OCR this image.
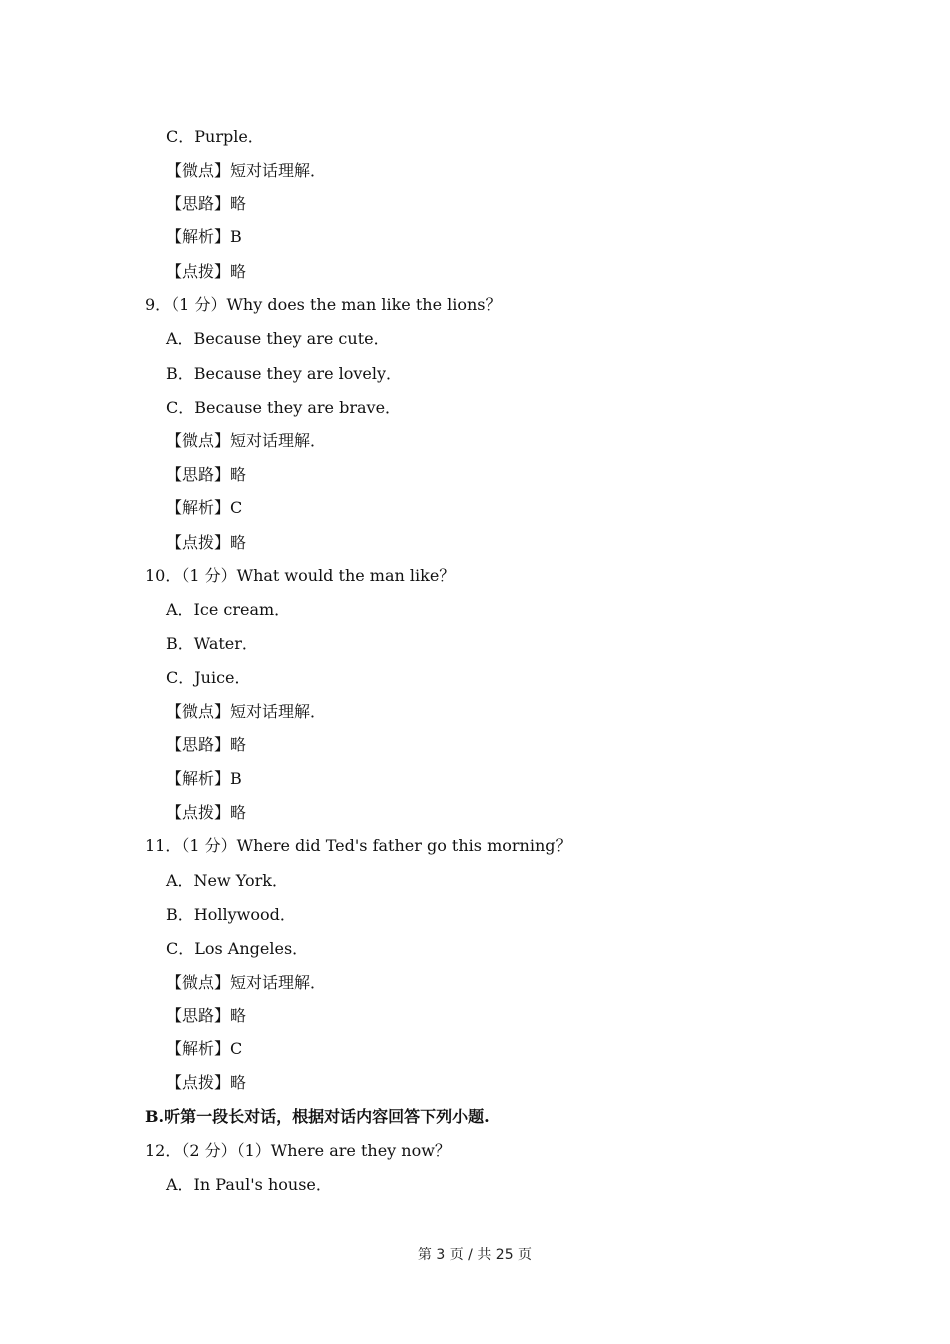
C．Purple．
【微点】短对话理解．
【思路】略
【解析】B
【点拨】略
9．（1 分）Why does the man like the lions？
A．Because they are cute．
B．Because they are lovely．
C．Because they are brave．
【微点】短对话理解．
【思路】略
【解析】C
【点拨】略
10．（1 分）What would the man like？
A．Ice cream．
B．Water．
C．Juice．
【微点】短对话理解．
【思路】略
【解析】B
【点拨】略
11．（1 分）Where did Ted's father go this morning？
A．New York．
B．Hollywood．
C．Los Angeles．
【微点】短对话理解．
【思路】略
【解析】C
【点拨】略
B.听第一段长对话，根据对话内容回答下列小题.
12．（2 分）（1）Where are they now？
A．In Paul's house．
第 3 页 / 共 25 页
